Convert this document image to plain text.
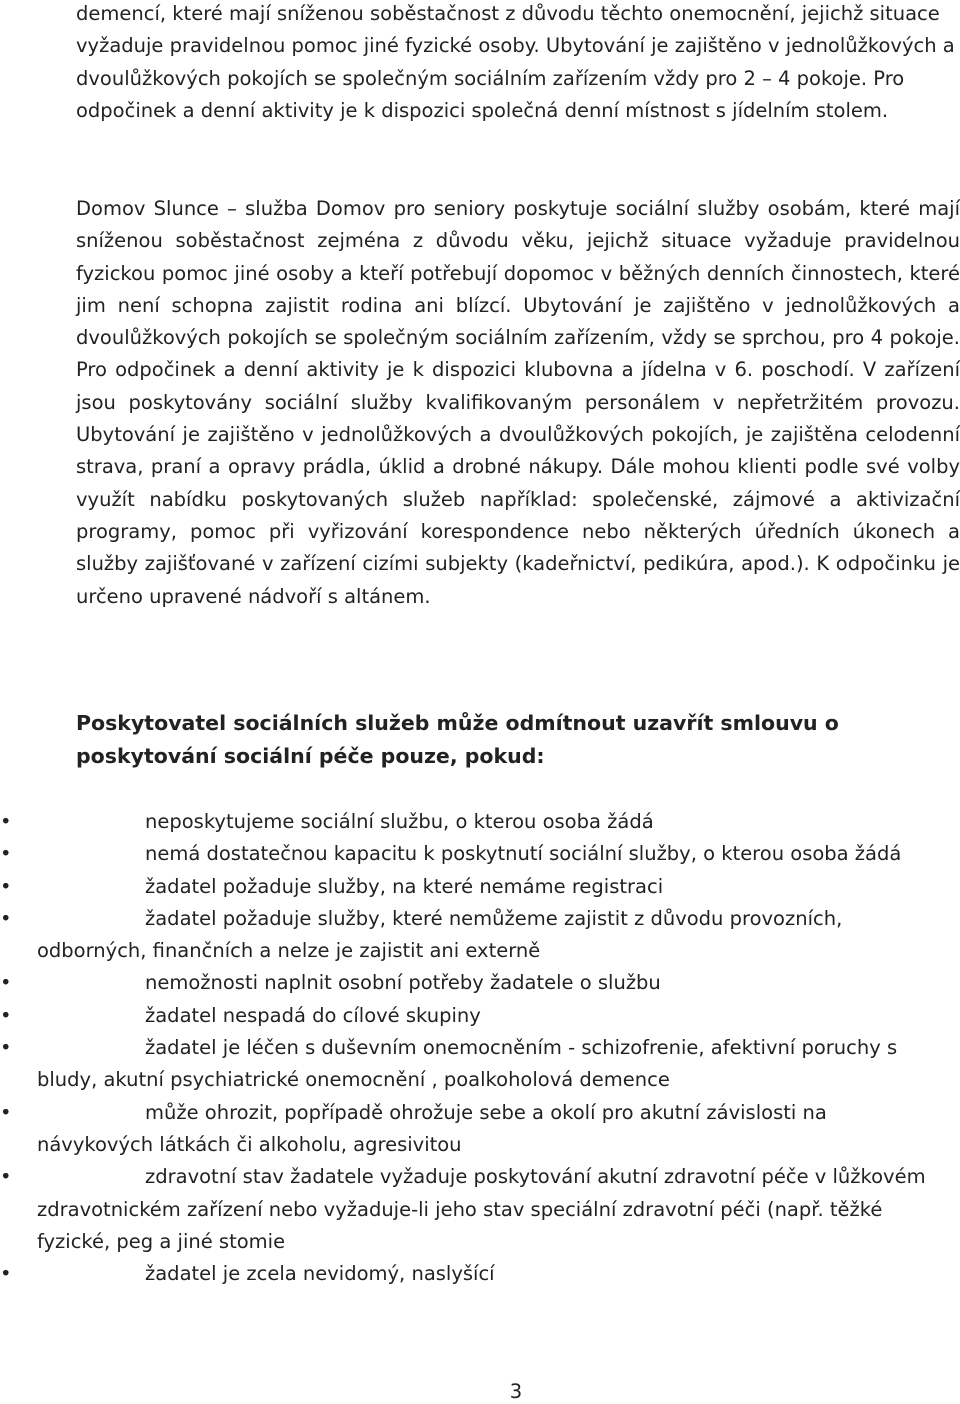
demencí, které mají sníženou soběstačnost z důvodu těchto onemocnění, jejichž situace vyžaduje pravidelnou pomoc jiné fyzické osoby. Ubytování je zajištěno v jednolůžkových a dvoulůžkových pokojích se společným sociálním zařízením vždy pro 2 – 4 pokoje. Pro odpočinek a denní aktivity je k dispozici společná denní místnost s jídelním stolem.

Domov Slunce – služba Domov pro seniory poskytuje sociální služby osobám, které mají sníženou soběstačnost zejména z důvodu věku, jejichž situace vyžaduje pravidelnou fyzickou pomoc jiné osoby a kteří potřebují dopomoc v běžných denních činnostech, které jim není schopna zajistit rodina ani blízcí. Ubytování je zajištěno v jednolůžkových a dvoulůžkových pokojích se společným sociálním zařízením, vždy se sprchou, pro 4 pokoje. Pro odpočinek a denní aktivity je k dispozici klubovna a jídelna v 6. poschodí. V zařízení jsou poskytovány sociální služby kvalifikovaným personálem v nepřetržitém provozu. Ubytování je zajištěno v jednolůžkových a dvoulůžkových pokojích, je zajištěna celodenní strava, praní a opravy prádla, úklid a drobné nákupy. Dále mohou klienti podle své volby využít nabídku poskytovaných služeb například: společenské, zájmové a aktivizační programy, pomoc při vyřizování korespondence nebo některých úředních úkonech a služby zajišťované v zařízení cizími subjekty (kadeřnictví, pedikúra, apod.). K odpočinku je určeno upravené nádvoří s altánem.

Poskytovatel sociálních služeb může odmítnout uzavřít smlouvu o poskytování sociální péče pouze, pokud:
•	neposkytujeme sociální službu, o kterou osoba žádá
•	nemá dostatečnou kapacitu k poskytnutí sociální služby, o kterou osoba žádá
•	žadatel požaduje služby, na které nemáme registraci
•	žadatel požaduje služby, které nemůžeme zajistit z důvodu provozních, odborných, finančních a nelze je zajistit ani externě
•	nemožnosti naplnit osobní potřeby žadatele o službu
•	žadatel nespadá do cílové skupiny
•	žadatel je léčen s duševním onemocněním - schizofrenie, afektivní poruchy s bludy, akutní psychiatrické onemocnění , poalkoholová demence
•	může ohrozit, popřípadě ohrožuje sebe a okolí pro akutní závislosti na návykových látkách či alkoholu, agresivitou
•	zdravotní stav žadatele vyžaduje poskytování akutní zdravotní péče v lůžkovém zdravotnickém zařízení nebo vyžaduje-li jeho stav speciální zdravotní péči (např. těžké fyzické, peg a jiné stomie
•	žadatel je zcela nevidomý, naslyšící
3
